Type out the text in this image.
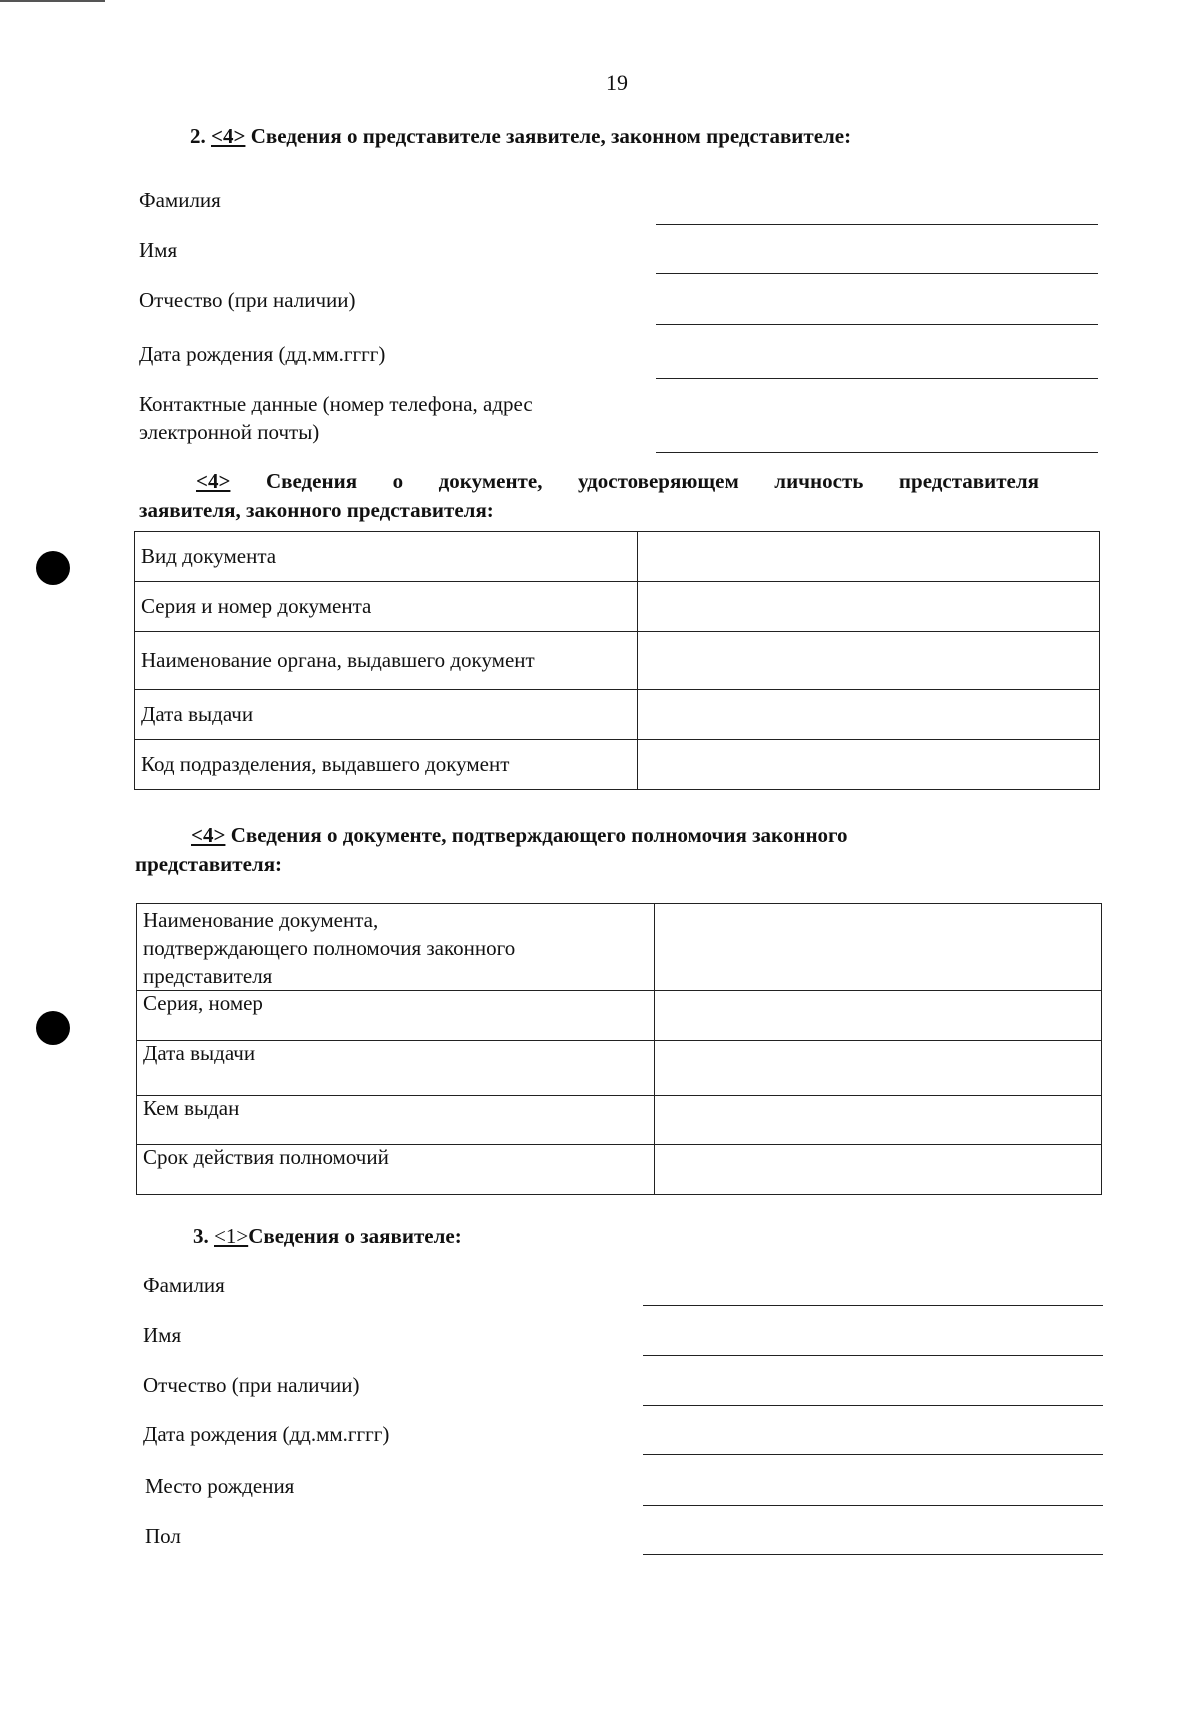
19
2. <4> Сведения о представителе заявителе, законном представителе:
Фамилия
Имя
Отчество (при наличии)
Дата рождения (дд.мм.гггг)
Контактные данные (номер телефона, адрес
электронной почты)
<4> Сведения о документе, удостоверяющем личность представителя
заявителя, законного представителя:
Вид документа	
Серия и номер документа	
Наименование органа, выдавшего документ	
Дата выдачи	
Код подразделения, выдавшего документ	
<4> Сведения о документе, подтверждающего полномочия законного
представителя:
Наименование документа,
подтверждающего полномочия законного
представителя	

Серия, номер	
Дата выдачи	
Кем выдан	
Срок действия полномочий	
3. <1>Сведения о заявителе:
Фамилия
Имя
Отчество (при наличии)
Дата рождения (дд.мм.гггг)
Место рождения
Пол
